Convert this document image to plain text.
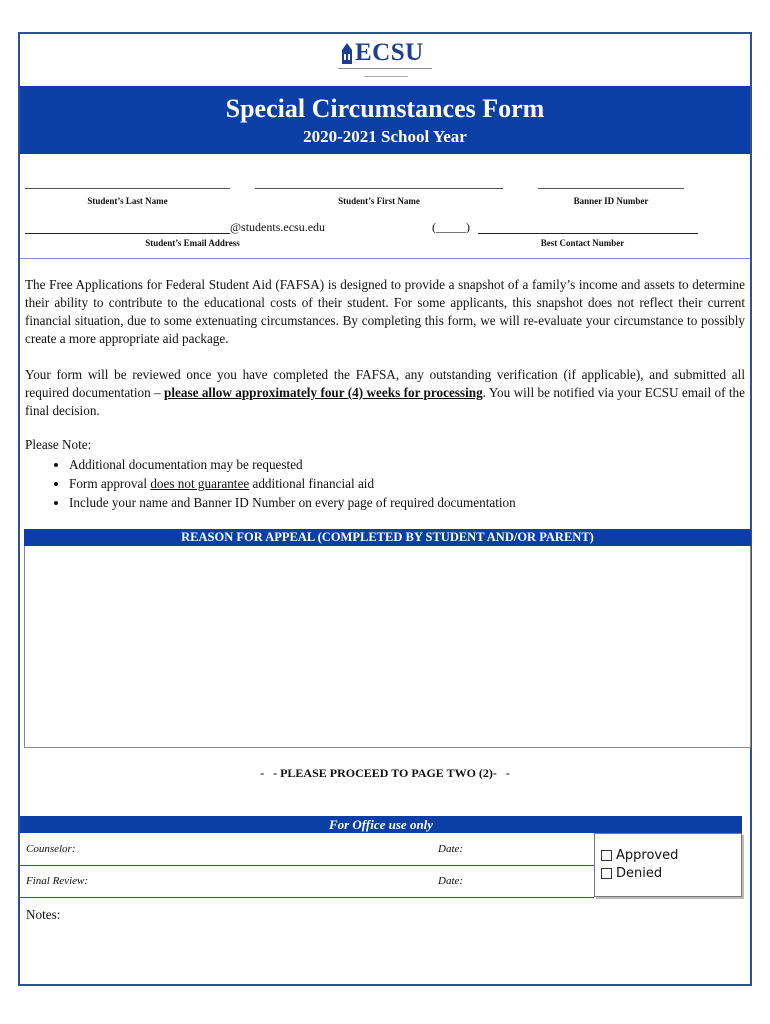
ECSU
Special Circumstances Form
2020-2021 School Year
Student’s Last Name	Student’s First Name	Banner ID Number
@students.ecsu.edu
Student’s Email Address
(_____)
Best Contact Number
The Free Applications for Federal Student Aid (FAFSA) is designed to provide a snapshot of a family’s income and assets to determine their ability to contribute to the educational costs of their student. For some applicants, this snapshot does not reflect their current financial situation, due to some extenuating circumstances. By completing this form, we will re-evaluate your circumstance to possibly create a more appropriate aid package.
Your form will be reviewed once you have completed the FAFSA, any outstanding verification (if applicable), and submitted all required documentation – please allow approximately four (4) weeks for processing. You will be notified via your ECSU email of the final decision.
Please Note:
• Additional documentation may be requested
• Form approval does not guarantee additional financial aid
• Include your name and Banner ID Number on every page of required documentation
REASON FOR APPEAL (COMPLETED BY STUDENT AND/OR PARENT)
- - PLEASE PROCEED TO PAGE TWO (2)- -
For Office use only
Counselor:	Date:
Final Review:	Date:
Approved
Denied
Notes:
